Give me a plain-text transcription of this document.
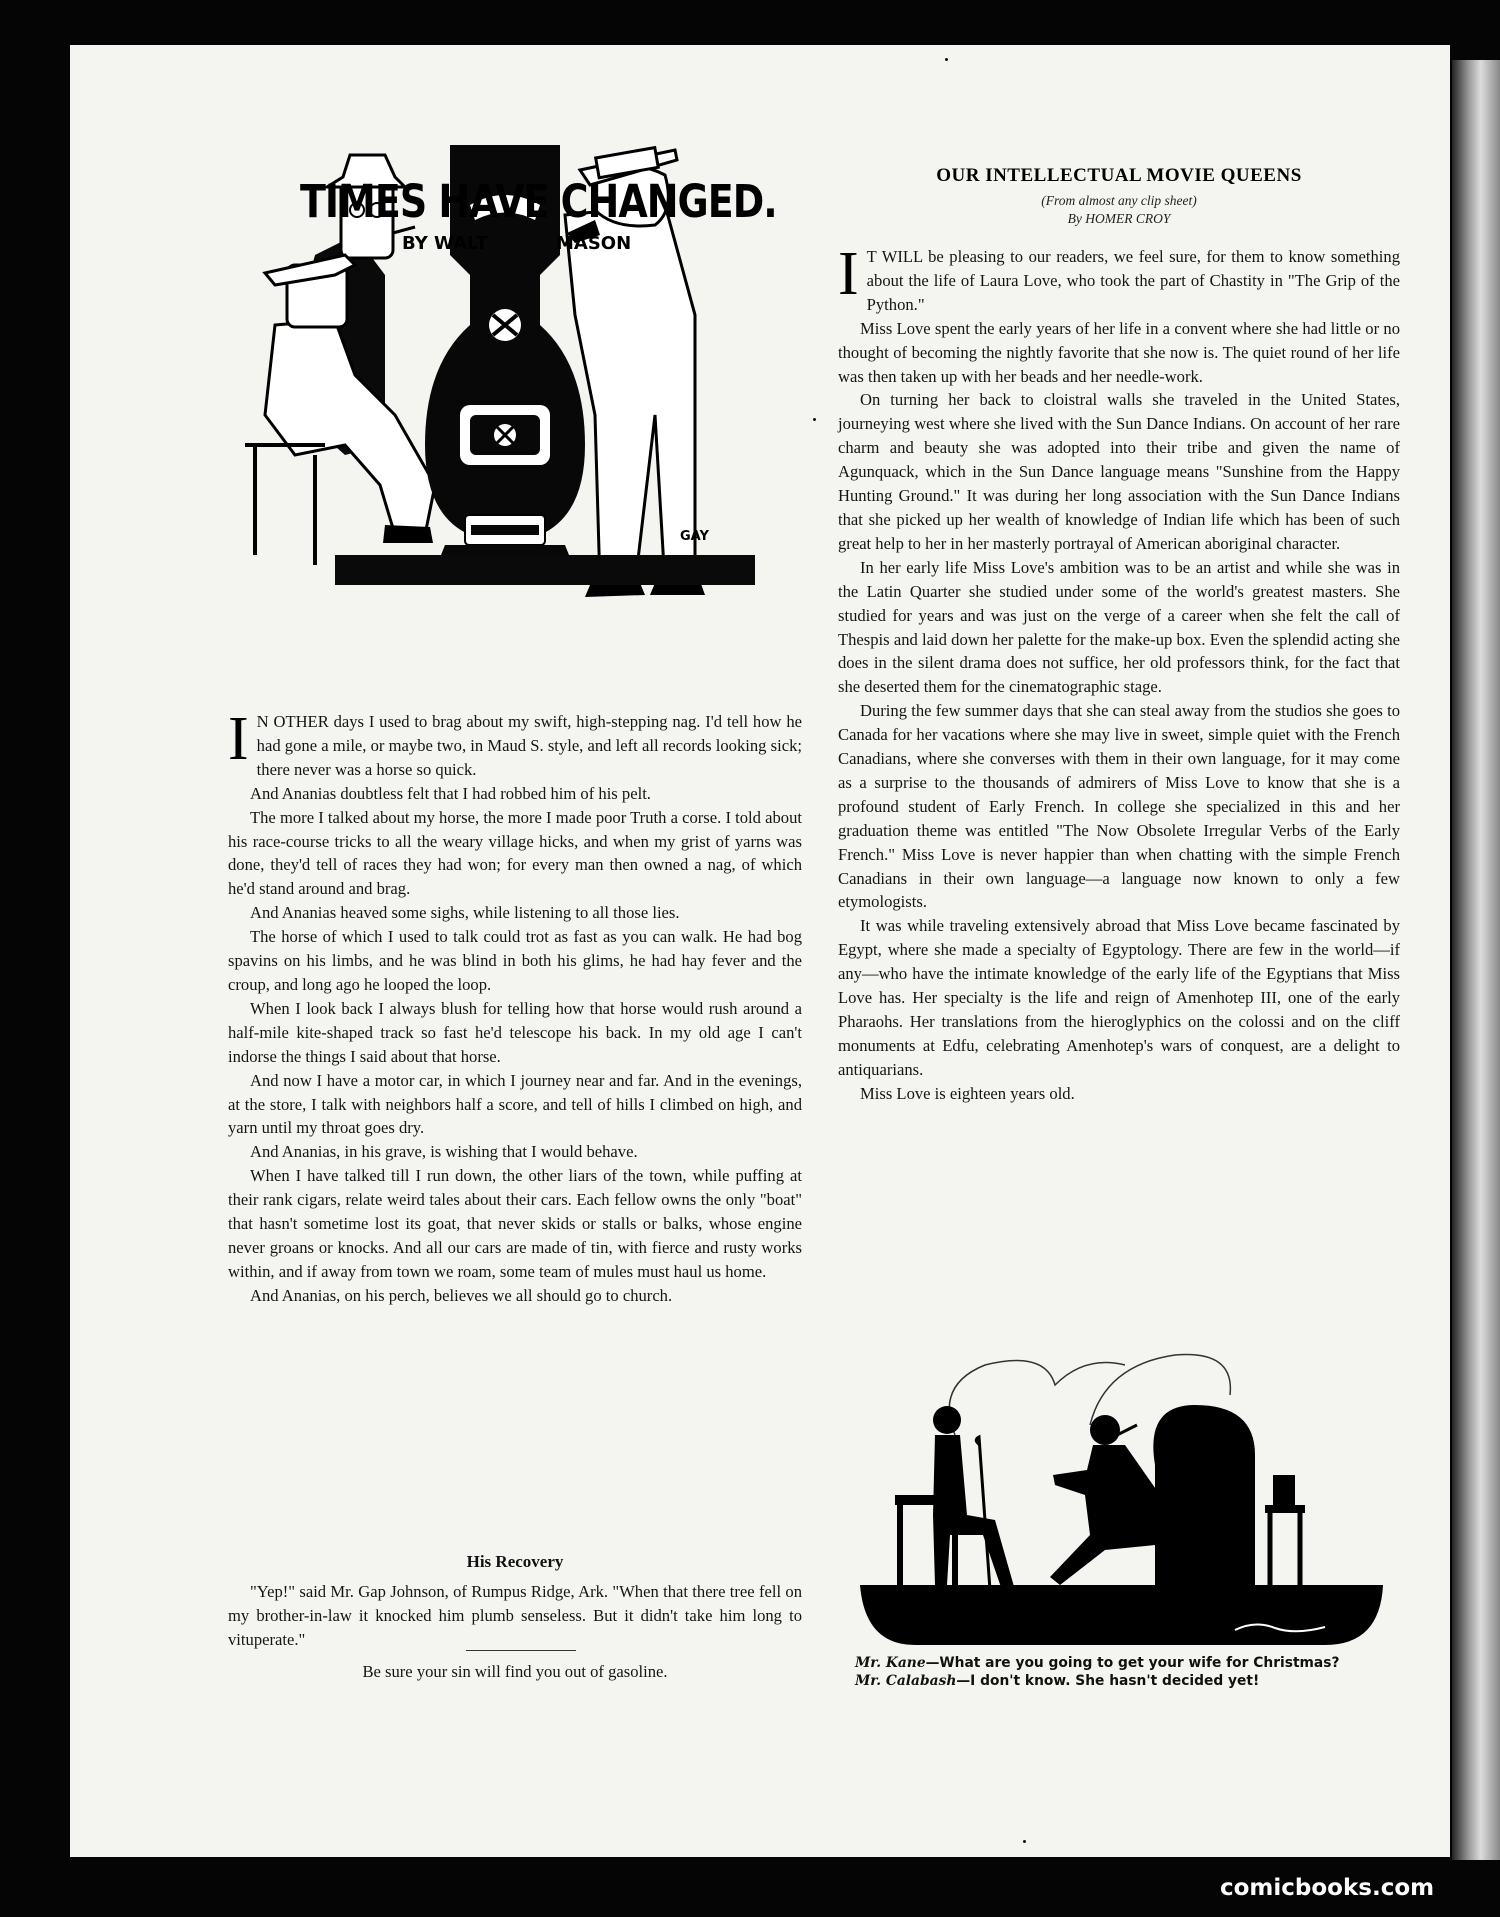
GAY
TIMES HAVE CHANGED.
BY WALT	MASON

I N OTHER days I used to brag about my swift, high-stepping nag. I'd tell how he had gone a mile, or maybe two, in Maud S. style, and left all records looking sick; there never was a horse so quick.

And Ananias doubtless felt that I had robbed him of his pelt.

The more I talked about my horse, the more I made poor Truth a corse. I told about his race-course tricks to all the weary village hicks, and when my grist of yarns was done, they'd tell of races they had won; for every man then owned a nag, of which he'd stand around and brag.

And Ananias heaved some sighs, while listening to all those lies.

The horse of which I used to talk could trot as fast as you can walk. He had bog spavins on his limbs, and he was blind in both his glims, he had hay fever and the croup, and long ago he looped the loop.

When I look back I always blush for telling how that horse would rush around a half-mile kite-shaped track so fast he'd telescope his back. In my old age I can't indorse the things I said about that horse.

And now I have a motor car, in which I journey near and far. And in the evenings, at the store, I talk with neighbors half a score, and tell of hills I climbed on high, and yarn until my throat goes dry.

And Ananias, in his grave, is wishing that I would behave.

When I have talked till I run down, the other liars of the town, while puffing at their rank cigars, relate weird tales about their cars. Each fellow owns the only "boat" that hasn't sometime lost its goat, that never skids or stalls or balks, whose engine never groans or knocks. And all our cars are made of tin, with fierce and rusty works within, and if away from town we roam, some team of mules must haul us home.

And Ananias, on his perch, believes we all should go to church.

His Recovery

"Yep!" said Mr. Gap Johnson, of Rumpus Ridge, Ark. "When that there tree fell on my brother-in-law it knocked him plumb senseless. But it didn't take him long to vituperate."

Be sure your sin will find you out of gasoline.
OUR INTELLECTUAL MOVIE QUEENS
(From almost any clip sheet)
By HOMER CROY

I T WILL be pleasing to our readers, we feel sure, for them to know something about the life of Laura Love, who took the part of Chastity in "The Grip of the Python."

Miss Love spent the early years of her life in a convent where she had little or no thought of becoming the nightly favorite that she now is. The quiet round of her life was then taken up with her beads and her needle-work.

On turning her back to cloistral walls she traveled in the United States, journeying west where she lived with the Sun Dance Indians. On account of her rare charm and beauty she was adopted into their tribe and given the name of Agunquack, which in the Sun Dance language means "Sunshine from the Happy Hunting Ground." It was during her long association with the Sun Dance Indians that she picked up her wealth of knowledge of Indian life which has been of such great help to her in her masterly portrayal of American aboriginal character.

In her early life Miss Love's ambition was to be an artist and while she was in the Latin Quarter she studied under some of the world's greatest masters. She studied for years and was just on the verge of a career when she felt the call of Thespis and laid down her palette for the make-up box. Even the splendid acting she does in the silent drama does not suffice, her old professors think, for the fact that she deserted them for the cinematographic stage.

During the few summer days that she can steal away from the studios she goes to Canada for her vacations where she may live in sweet, simple quiet with the French Canadians, where she converses with them in their own language, for it may come as a surprise to the thousands of admirers of Miss Love to know that she is a profound student of Early French. In college she specialized in this and her graduation theme was entitled "The Now Obsolete Irregular Verbs of the Early French." Miss Love is never happier than when chatting with the simple French Canadians in their own language—a language now known to only a few etymologists.

It was while traveling extensively abroad that Miss Love became fascinated by Egypt, where she made a specialty of Egyptology. There are few in the world—if any—who have the intimate knowledge of the early life of the Egyptians that Miss Love has. Her specialty is the life and reign of Amenhotep III, one of the early Pharaohs. Her translations from the hieroglyphics on the colossi and on the cliff monuments at Edfu, celebrating Amenhotep's wars of conquest, are a delight to antiquarians.

Miss Love is eighteen years old.

Mr. Kane—What are you going to get your wife for Christmas?
Mr. Calabash—I don't know. She hasn't decided yet!
comicbooks.com
